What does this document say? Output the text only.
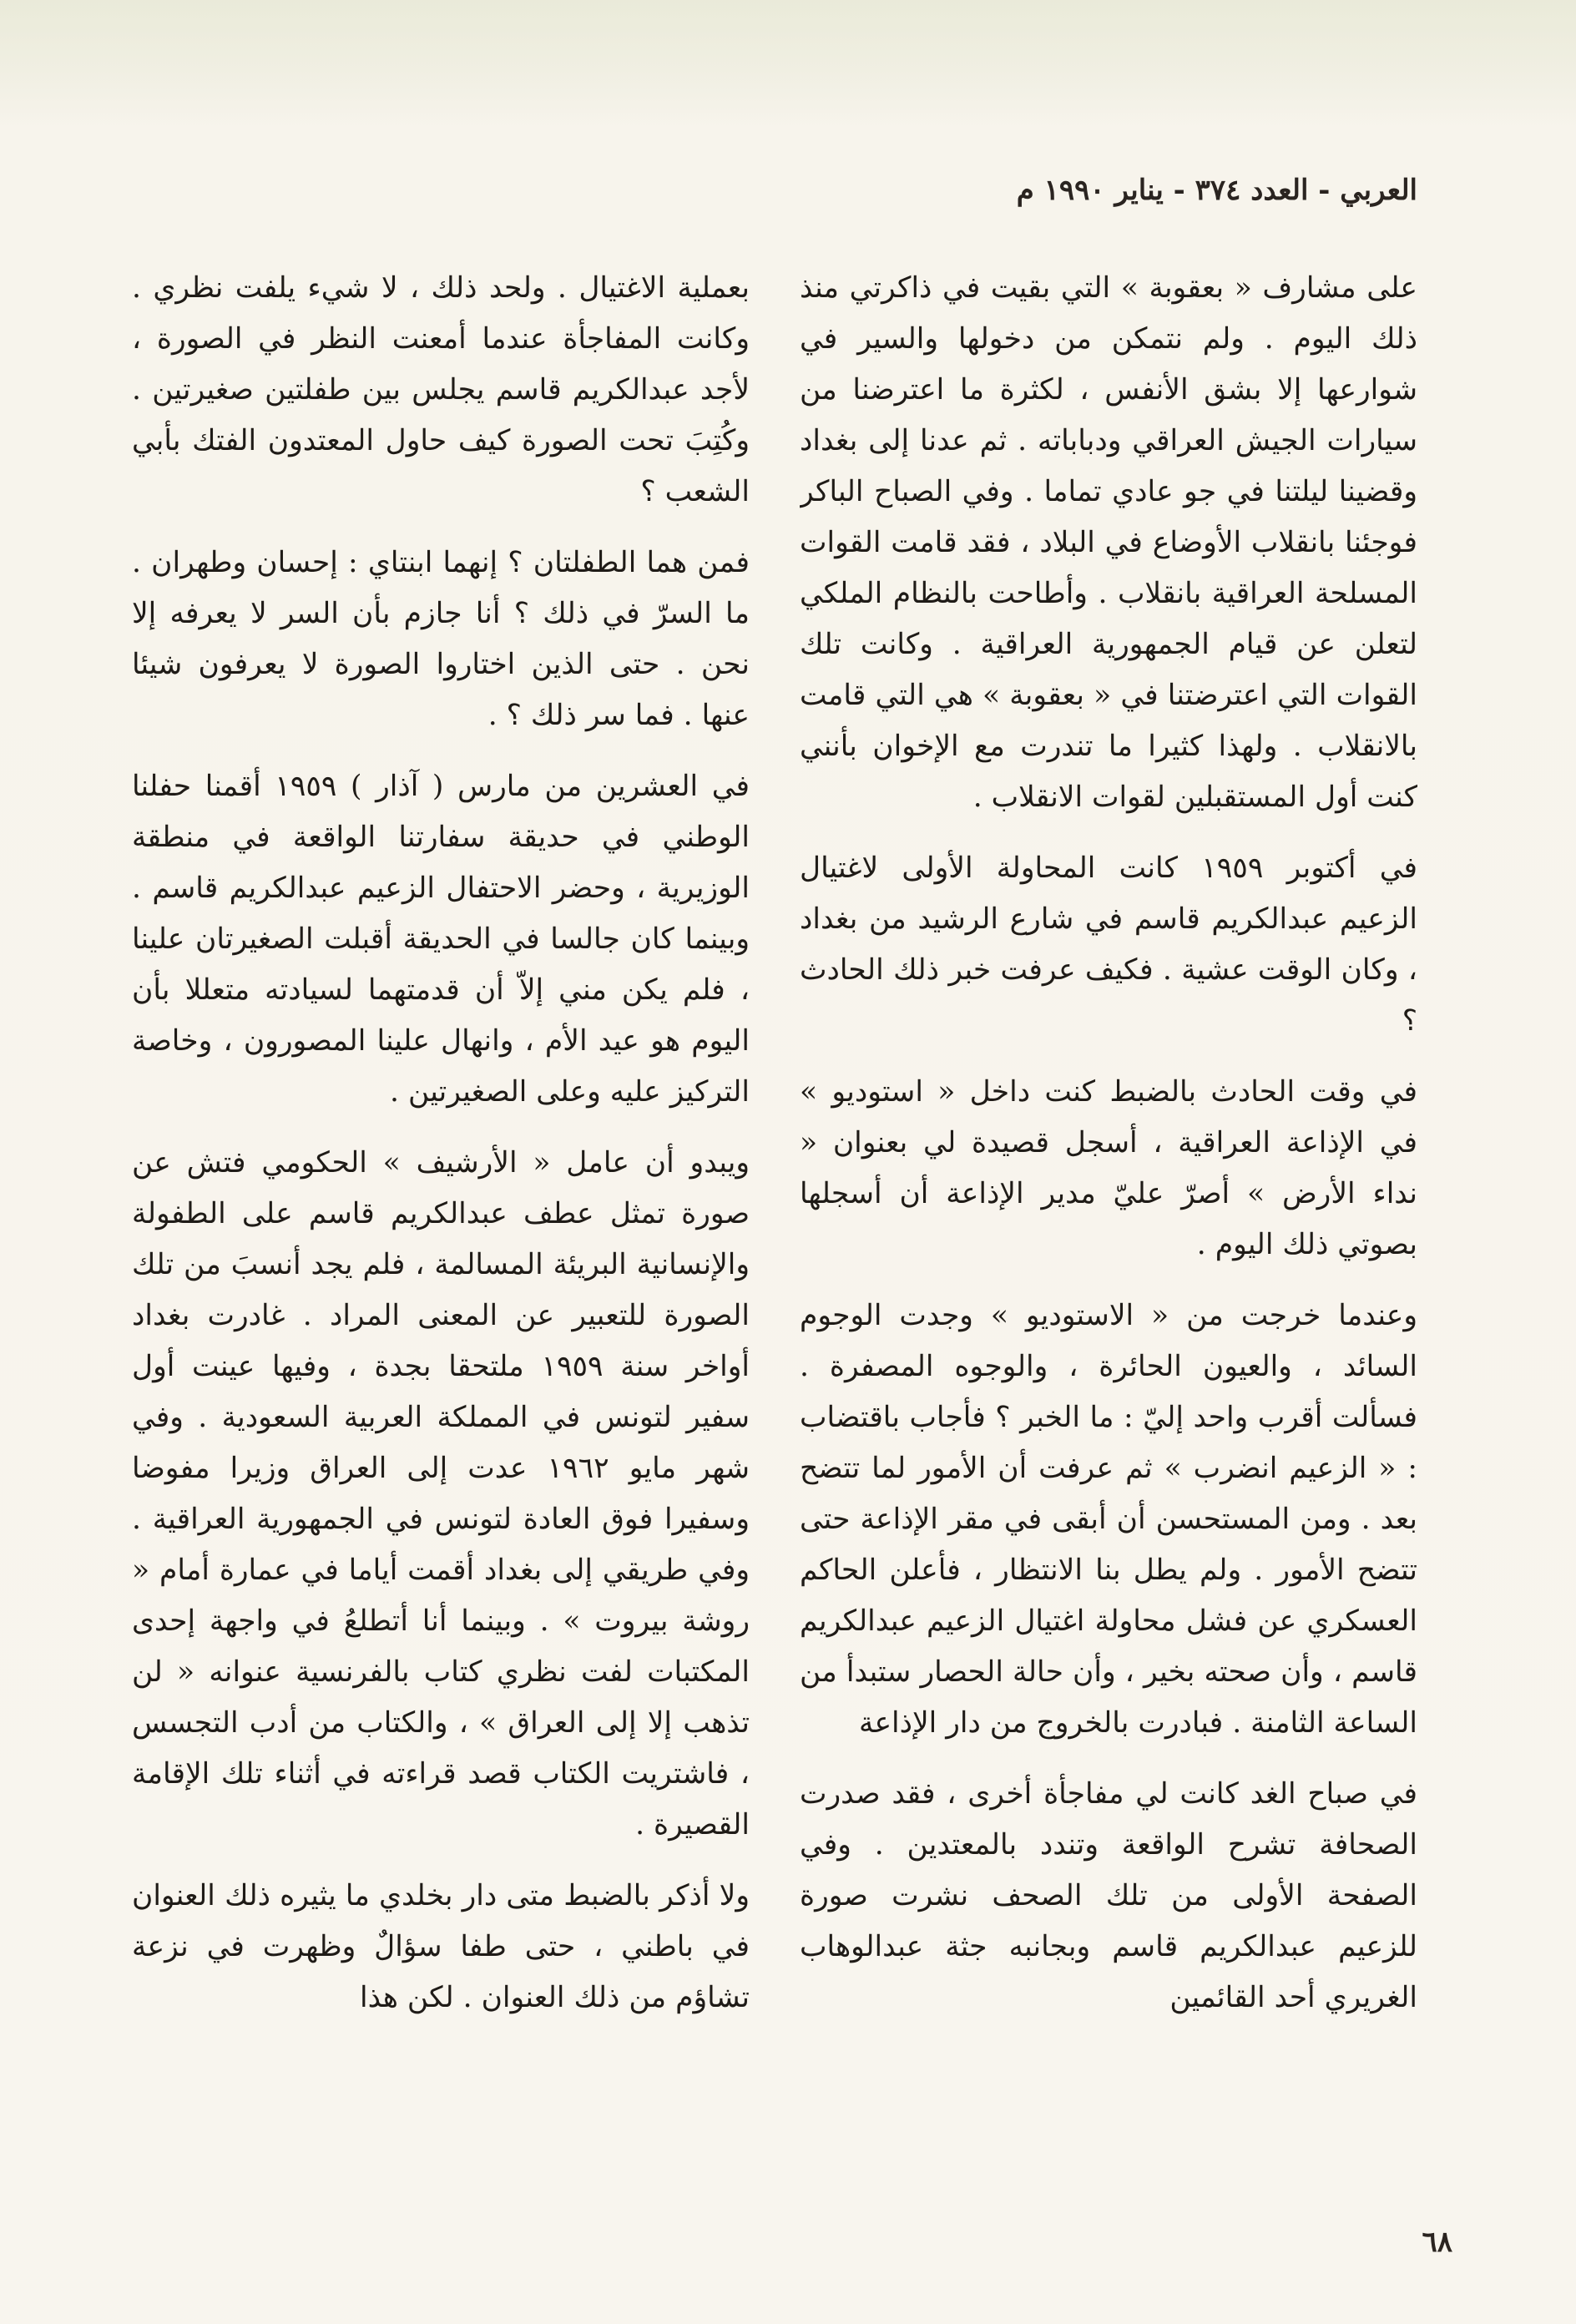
العربي - العدد ٣٧٤ - يناير ١٩٩٠ م

على مشارف « بعقوبة » التي بقيت في ذاكرتي منذ ذلك اليوم . ولم نتمكن من دخولها والسير في شوارعها إلا بشق الأنفس ، لكثرة ما اعترضنا من سيارات الجيش العراقي ودباباته . ثم عدنا إلى بغداد وقضينا ليلتنا في جو عادي تماما . وفي الصباح الباكر فوجئنا بانقلاب الأوضاع في البلاد ، فقد قامت القوات المسلحة العراقية بانقلاب . وأطاحت بالنظام الملكي لتعلن عن قيام الجمهورية العراقية . وكانت تلك القوات التي اعترضتنا في « بعقوبة » هي التي قامت بالانقلاب . ولهذا كثيرا ما تندرت مع الإخوان بأنني كنت أول المستقبلين لقوات الانقلاب .

في أكتوبر ١٩٥٩ كانت المحاولة الأولى لاغتيال الزعيم عبدالكريم قاسم في شارع الرشيد من بغداد ، وكان الوقت عشية . فكيف عرفت خبر ذلك الحادث ؟

في وقت الحادث بالضبط كنت داخل « استوديو » في الإذاعة العراقية ، أسجل قصيدة لي بعنوان « نداء الأرض » أصرّ عليّ مدير الإذاعة أن أسجلها بصوتي ذلك اليوم .

وعندما خرجت من « الاستوديو » وجدت الوجوم السائد ، والعيون الحائرة ، والوجوه المصفرة . فسألت أقرب واحد إليّ : ما الخبر ؟ فأجاب باقتضاب : « الزعيم انضرب » ثم عرفت أن الأمور لما تتضح بعد . ومن المستحسن أن أبقى في مقر الإذاعة حتى تتضح الأمور . ولم يطل بنا الانتظار ، فأعلن الحاكم العسكري عن فشل محاولة اغتيال الزعيم عبدالكريم قاسم ، وأن صحته بخير ، وأن حالة الحصار ستبدأ من الساعة الثامنة . فبادرت بالخروج من دار الإذاعة

في صباح الغد كانت لي مفاجأة أخرى ، فقد صدرت الصحافة تشرح الواقعة وتندد بالمعتدين . وفي الصفحة الأولى من تلك الصحف نشرت صورة للزعيم عبدالكريم قاسم وبجانبه جثة عبدالوهاب الغريري أحد القائمين

بعملية الاغتيال . ولحد ذلك ، لا شيء يلفت نظري . وكانت المفاجأة عندما أمعنت النظر في الصورة ، لأجد عبدالكريم قاسم يجلس بين طفلتين صغيرتين . وكُتِبَ تحت الصورة كيف حاول المعتدون الفتك بأبي الشعب ؟

فمن هما الطفلتان ؟ إنهما ابنتاي : إحسان وطهران . ما السرّ في ذلك ؟ أنا جازم بأن السر لا يعرفه إلا نحن . حتى الذين اختاروا الصورة لا يعرفون شيئا عنها . فما سر ذلك ؟ .

في العشرين من مارس ( آذار ) ١٩٥٩ أقمنا حفلنا الوطني في حديقة سفارتنا الواقعة في منطقة الوزيرية ، وحضر الاحتفال الزعيم عبدالكريم قاسم . وبينما كان جالسا في الحديقة أقبلت الصغيرتان علينا ، فلم يكن مني إلاّ أن قدمتهما لسيادته متعللا بأن اليوم هو عيد الأم ، وانهال علينا المصورون ، وخاصة التركيز عليه وعلى الصغيرتين .

ويبدو أن عامل « الأرشيف » الحكومي فتش عن صورة تمثل عطف عبدالكريم قاسم على الطفولة والإنسانية البريئة المسالمة ، فلم يجد أنسبَ من تلك الصورة للتعبير عن المعنى المراد . غادرت بغداد أواخر سنة ١٩٥٩ ملتحقا بجدة ، وفيها عينت أول سفير لتونس في المملكة العربية السعودية . وفي شهر مايو ١٩٦٢ عدت إلى العراق وزيرا مفوضا وسفيرا فوق العادة لتونس في الجمهورية العراقية . وفي طريقي إلى بغداد أقمت أياما في عمارة أمام « روشة بيروت » . وبينما أنا أتطلعُ في واجهة إحدى المكتبات لفت نظري كتاب بالفرنسية عنوانه « لن تذهب إلا إلى العراق » ، والكتاب من أدب التجسس ، فاشتريت الكتاب قصد قراءته في أثناء تلك الإقامة القصيرة .

ولا أذكر بالضبط متى دار بخلدي ما يثيره ذلك العنوان في باطني ، حتى طفا سؤالٌ وظهرت في نزعة تشاؤم من ذلك العنوان . لكن هذا

٦٨
